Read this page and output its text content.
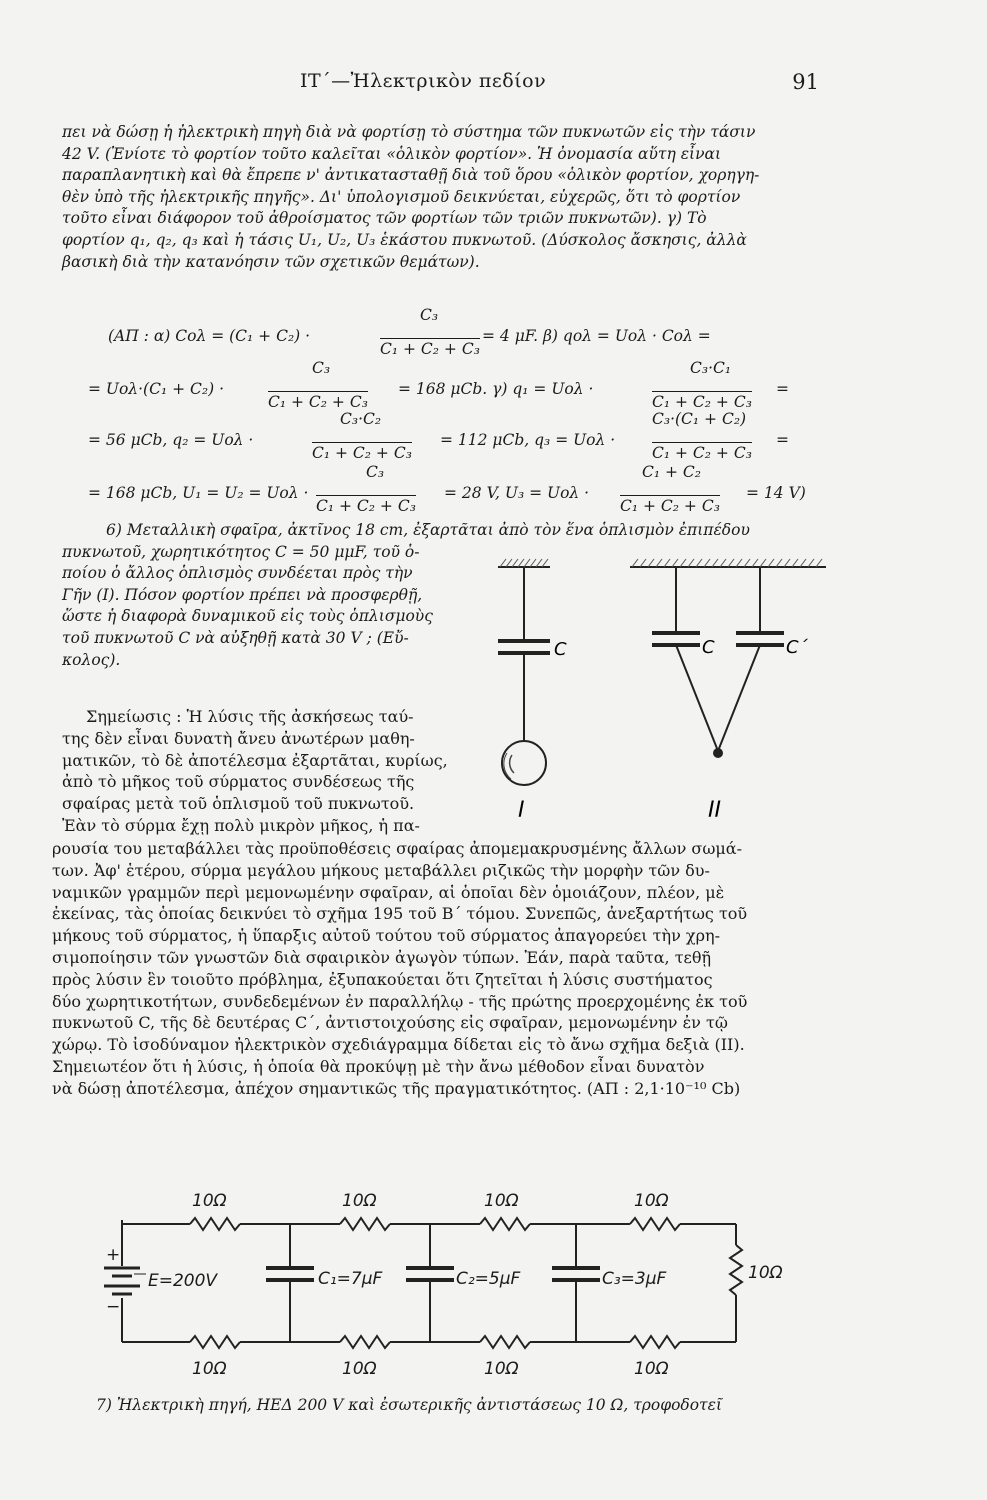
ΙΤ΄—Ἠλεκτρικὸν πεδίον	91
πει νὰ δώσῃ ἡ ἠλεκτρικὴ πηγὴ διὰ νὰ φορτίσῃ τὸ σύστημα τῶν πυκνωτῶν εἰς τὴν τάσιν
42 V. (Ἐνίοτε τὸ φορτίον τοῦτο καλεῖται «ὁλικὸν φορτίον». Ἡ ὀνομασία αὕτη εἶναι
παραπλανητικὴ καὶ θὰ ἔπρεπε ν' ἀντικατασταθῇ διὰ τοῦ ὅρου «ὁλικὸν φορτίον, χορηγη-
θὲν ὑπὸ τῆς ἠλεκτρικῆς πηγῆς». Δι' ὑπολογισμοῦ δεικνύεται, εὐχερῶς, ὅτι τὸ φορτίον
τοῦτο εἶναι διάφορον τοῦ ἀθροίσματος τῶν φορτίων τῶν τριῶν πυκνωτῶν). γ) Τὸ
φορτίον q₁, q₂, q₃ καὶ ἡ τάσις U₁, U₂, U₃ ἑκάστου πυκνωτοῦ. (Δύσκολος ἄσκησις, ἀλλὰ
βασικὴ διὰ τὴν κατανόησιν τῶν σχετικῶν θεμάτων).
(ΑΠ : α) Cολ = (C₁ + C₂) ·
C₃
C₁ + C₂ + C₃
= 4 μF. β) qολ = Uολ · Cολ =
= Uολ·(C₁ + C₂) ·
C₃
C₁ + C₂ + C₃
= 168 μCb. γ) q₁ = Uολ ·
C₃·C₁
C₁ + C₂ + C₃
=
= 56 μCb, q₂ = Uολ ·
C₃·C₂
C₁ + C₂ + C₃
= 112 μCb, q₃ = Uολ ·
C₃·(C₁ + C₂)
C₁ + C₂ + C₃
=
= 168 μCb, U₁ = U₂ = Uολ ·
C₃
C₁ + C₂ + C₃
= 28 V, U₃ = Uολ ·
C₁ + C₂
C₁ + C₂ + C₃
= 14 V)
6) Μεταλλικὴ σφαῖρα, ἀκτῖνος 18 cm, ἐξαρτᾶται ἀπὸ τὸν ἕνα ὁπλισμὸν ἐπιπέδου
πυκνωτοῦ, χωρητικότητος C = 50 μμF, τοῦ ὁ-
ποίου ὁ ἄλλος ὁπλισμὸς συνδέεται πρὸς τὴν
Γῆν (Ι). Πόσον φορτίον πρέπει νὰ προσφερθῇ,
ὥστε ἡ διαφορὰ δυναμικοῦ εἰς τοὺς ὁπλισμοὺς
τοῦ πυκνωτοῦ C νὰ αὐξηθῇ κατὰ 30 V ; (Εὔ-
κολος).
Σημείωσις : Ἡ λύσις τῆς ἀσκήσεως ταύ-
της δὲν εἶναι δυνατὴ ἄνευ ἀνωτέρων μαθη-
ματικῶν, τὸ δὲ ἀποτέλεσμα ἐξαρτᾶται, κυρίως,
ἀπὸ τὸ μῆκος τοῦ σύρματος συνδέσεως τῆς
σφαίρας μετὰ τοῦ ὁπλισμοῦ τοῦ πυκνωτοῦ.
Ἐὰν τὸ σύρμα ἔχῃ πολὺ μικρὸν μῆκος, ἡ πα-
ρουσία του μεταβάλλει τὰς προϋποθέσεις σφαίρας ἀπομεμακρυσμένης ἄλλων σωμά-
των. Ἀφ' ἑτέρου, σύρμα μεγάλου μήκους μεταβάλλει ριζικῶς τὴν μορφὴν τῶν δυ-
ναμικῶν γραμμῶν περὶ μεμονωμένην σφαῖραν, αἱ ὁποῖαι δὲν ὁμοιάζουν, πλέον, μὲ
ἐκείνας, τὰς ὁποίας δεικνύει τὸ σχῆμα 195 τοῦ Β΄ τόμου. Συνεπῶς, ἀνεξαρτήτως τοῦ
μήκους τοῦ σύρματος, ἡ ὕπαρξις αὐτοῦ τούτου τοῦ σύρματος ἀπαγορεύει τὴν χρη-
σιμοποίησιν τῶν γνωστῶν διὰ σφαιρικὸν ἀγωγὸν τύπων. Ἐάν, παρὰ ταῦτα, τεθῇ
πρὸς λύσιν ἓν τοιοῦτο πρόβλημα, ἐξυπακούεται ὅτι ζητεῖται ἡ λύσις συστήματος
δύο χωρητικοτήτων, συνδεδεμένων ἐν παραλλήλῳ - τῆς πρώτης προερχομένης ἐκ τοῦ
πυκνωτοῦ C, τῆς δὲ δευτέρας C΄, ἀντιστοιχούσης εἰς σφαῖραν, μεμονωμένην ἐν τῷ
χώρῳ. Τὸ ἰσοδύναμον ἠλεκτρικὸν σχεδιάγραμμα δίδεται εἰς τὸ ἄνω σχῆμα δεξιὰ (ΙΙ).
Σημειωτέον ὅτι ἡ λύσις, ἡ ὁποία θὰ προκύψῃ μὲ τὴν ἄνω μέθοδον εἶναι δυνατὸν
νὰ δώσῃ ἀποτέλεσμα, ἀπέχον σημαντικῶς τῆς πραγματικότητος. (ΑΠ : 2,1·10⁻¹⁰ Cb)
C
Ι
C	C΄
ΙΙ
10Ω	10Ω	10Ω	10Ω
10Ω	10Ω	10Ω	10Ω
10Ω
E=200V
+
−
C₁=7μF	C₂=5μF	C₃=3μF
7) Ἠλεκτρικὴ πηγή, ΗΕΔ 200 V καὶ ἐσωτερικῆς ἀντιστάσεως 10 Ω, τροφοδοτεῖ
